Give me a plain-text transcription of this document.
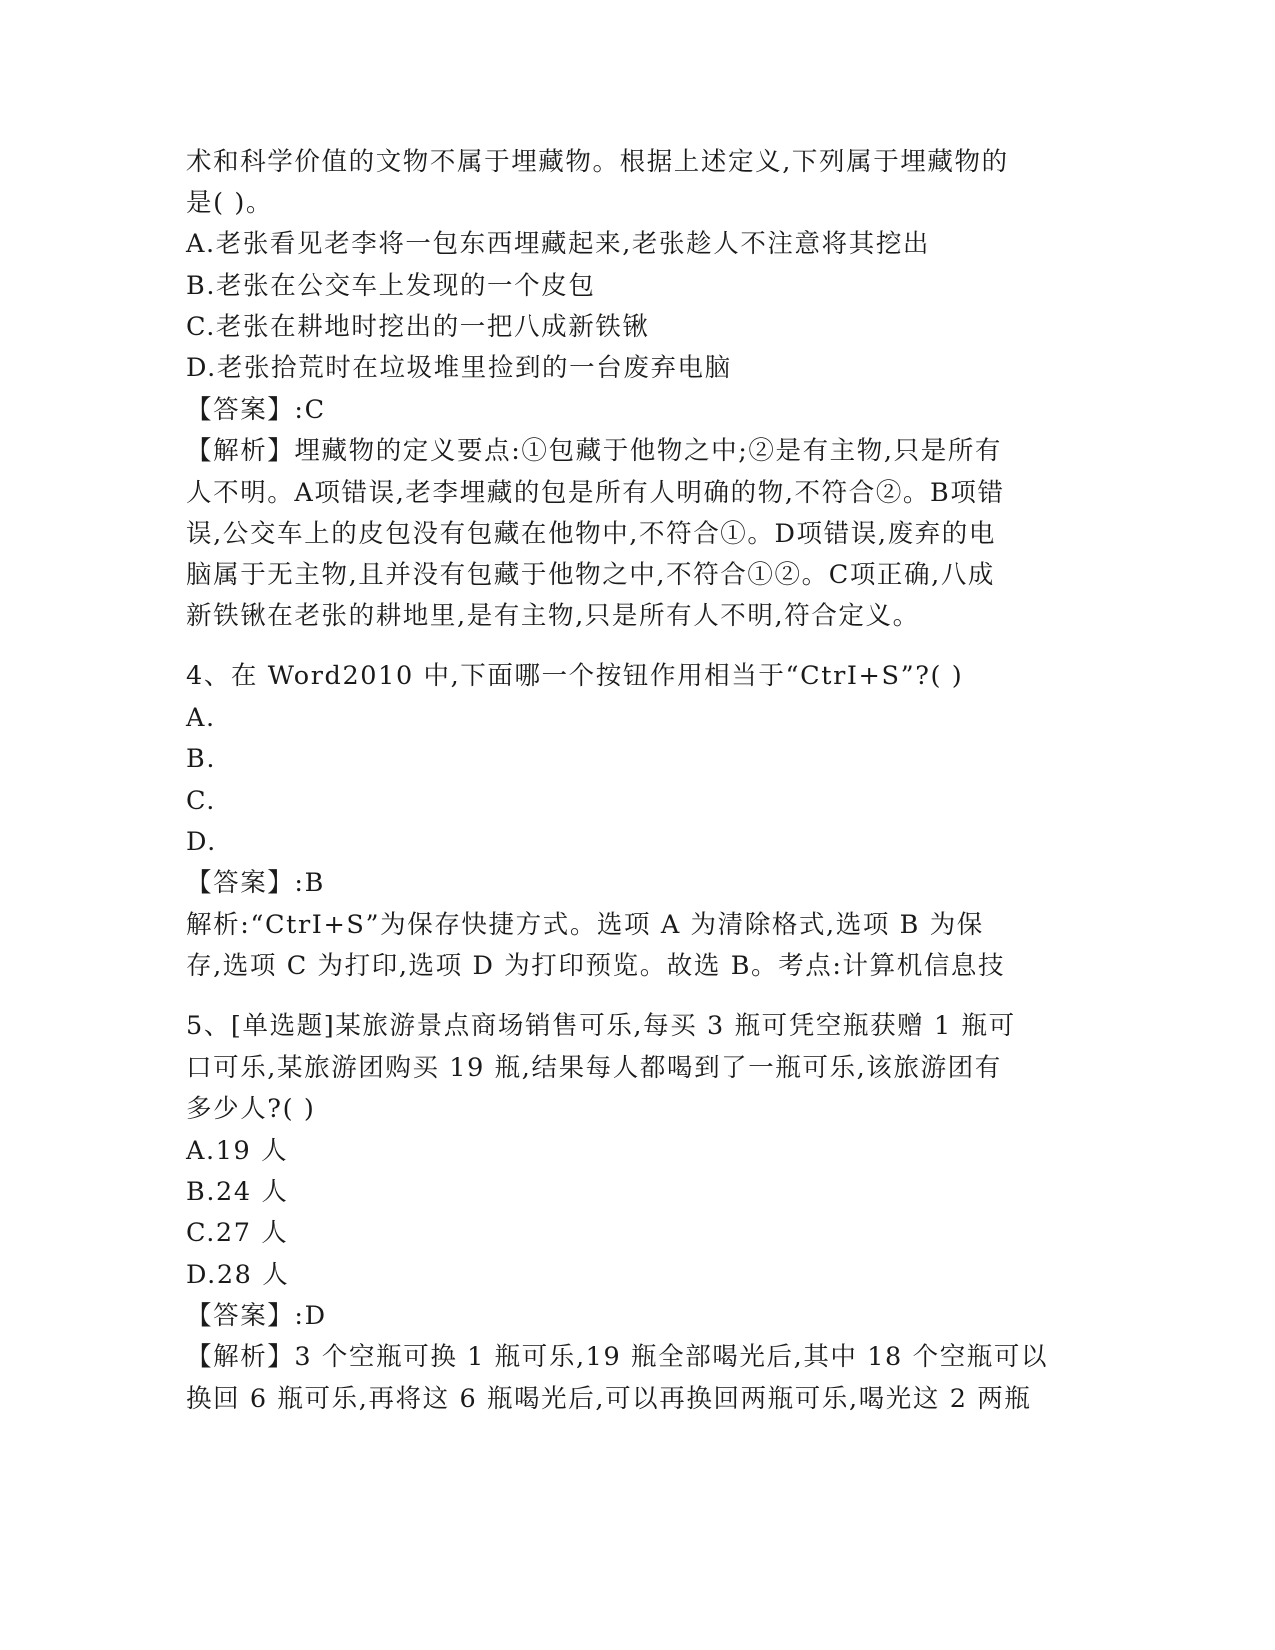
术和科学价值的文物不属于埋藏物。根据上述定义,下列属于埋藏物的
是( )。
A.老张看见老李将一包东西埋藏起来,老张趁人不注意将其挖出
B.老张在公交车上发现的一个皮包
C.老张在耕地时挖出的一把八成新铁锹
D.老张拾荒时在垃圾堆里捡到的一台废弃电脑
【答案】:C
【解析】埋藏物的定义要点:①包藏于他物之中;②是有主物,只是所有
人不明。A项错误,老李埋藏的包是所有人明确的物,不符合②。B项错
误,公交车上的皮包没有包藏在他物中,不符合①。D项错误,废弃的电
脑属于无主物,且并没有包藏于他物之中,不符合①②。C项正确,八成
新铁锹在老张的耕地里,是有主物,只是所有人不明,符合定义。
4、在 Word2010 中,下面哪一个按钮作用相当于“CtrI+S”?( )
A.
B.
C.
D.
【答案】:B
解析:“CtrI+S”为保存快捷方式。选项 A 为清除格式,选项 B 为保
存,选项 C 为打印,选项 D 为打印预览。故选 B。考点:计算机信息技
5、[单选题]某旅游景点商场销售可乐,每买 3 瓶可凭空瓶获赠 1 瓶可
口可乐,某旅游团购买 19 瓶,结果每人都喝到了一瓶可乐,该旅游团有
多少人?( )
A.19 人
B.24 人
C.27 人
D.28 人
【答案】:D
【解析】3 个空瓶可换 1 瓶可乐,19 瓶全部喝光后,其中 18 个空瓶可以
换回 6 瓶可乐,再将这 6 瓶喝光后,可以再换回两瓶可乐,喝光这 2 两瓶
